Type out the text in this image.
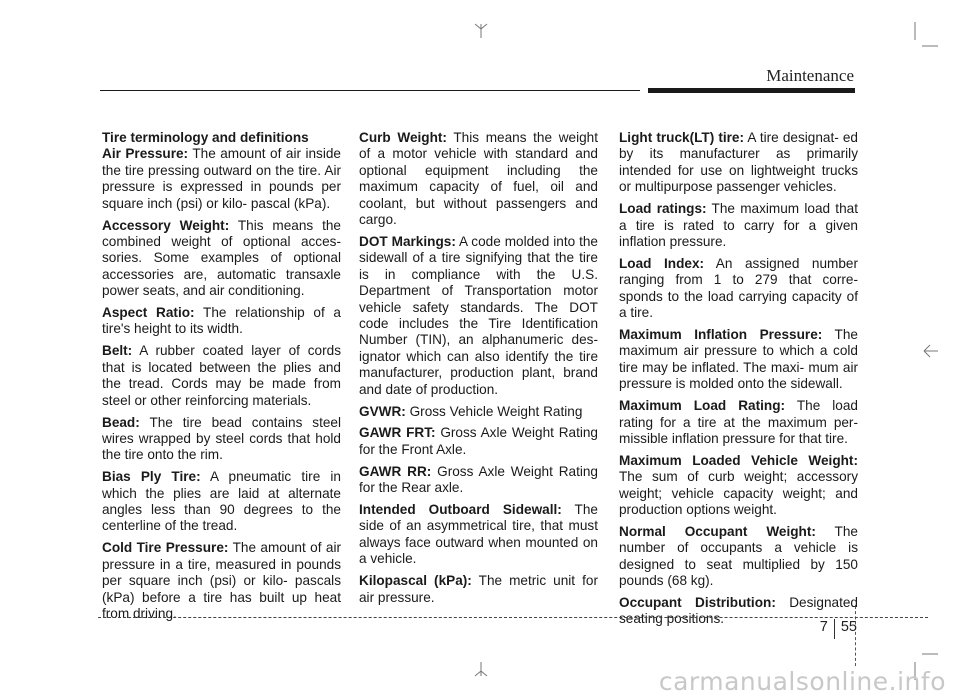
Maintenance

Tire terminology and definitions

Air Pressure: The amount of air inside the tire pressing outward on the tire. Air pressure is expressed in pounds per square inch (psi) or kilo- pascal (kPa).

Accessory Weight: This means the combined weight of optional acces- sories. Some examples of optional accessories are, automatic transaxle power seats, and air conditioning.

Aspect Ratio: The relationship of a tire's height to its width.

Belt: A rubber coated layer of cords that is located between the plies and the tread. Cords may be made from steel or other reinforcing materials.

Bead: The tire bead contains steel wires wrapped by steel cords that hold the tire onto the rim.

Bias Ply Tire: A pneumatic tire in which the plies are laid at alternate angles less than 90 degrees to the centerline of the tread.

Cold Tire Pressure: The amount of air pressure in a tire, measured in pounds per square inch (psi) or kilo- pascals (kPa) before a tire has built up heat from driving.

Curb Weight: This means the weight of a motor vehicle with standard and optional equipment including the maximum capacity of fuel, oil and coolant, but without passengers and cargo.

DOT Markings: A code molded into the sidewall of a tire signifying that the tire is in compliance with the U.S. Department of Transportation motor vehicle safety standards. The DOT code includes the Tire Identification Number (TIN), an alphanumeric des- ignator which can also identify the tire manufacturer, production plant, brand and date of production.

GVWR: Gross Vehicle Weight Rating

GAWR FRT: Gross Axle Weight Rating for the Front Axle.

GAWR RR: Gross Axle Weight Rating for the Rear axle.

Intended Outboard Sidewall: The side of an asymmetrical tire, that must always face outward when mounted on a vehicle.

Kilopascal (kPa): The metric unit for air pressure.

Light truck(LT) tire: A tire designat- ed by its manufacturer as primarily intended for use on lightweight trucks or multipurpose passenger vehicles.

Load ratings: The maximum load that a tire is rated to carry for a given inflation pressure.

Load Index: An assigned number ranging from 1 to 279 that corre- sponds to the load carrying capacity of a tire.

Maximum Inflation Pressure: The maximum air pressure to which a cold tire may be inflated. The maxi- mum air pressure is molded onto the sidewall.

Maximum Load Rating: The load rating for a tire at the maximum per- missible inflation pressure for that tire.

Maximum Loaded Vehicle Weight: The sum of curb weight; accessory weight; vehicle capacity weight; and production options weight.

Normal Occupant Weight: The number of occupants a vehicle is designed to seat multiplied by 150 pounds (68 kg).

Occupant Distribution: Designated seating positions.	7 55
carmanualsonline.info
